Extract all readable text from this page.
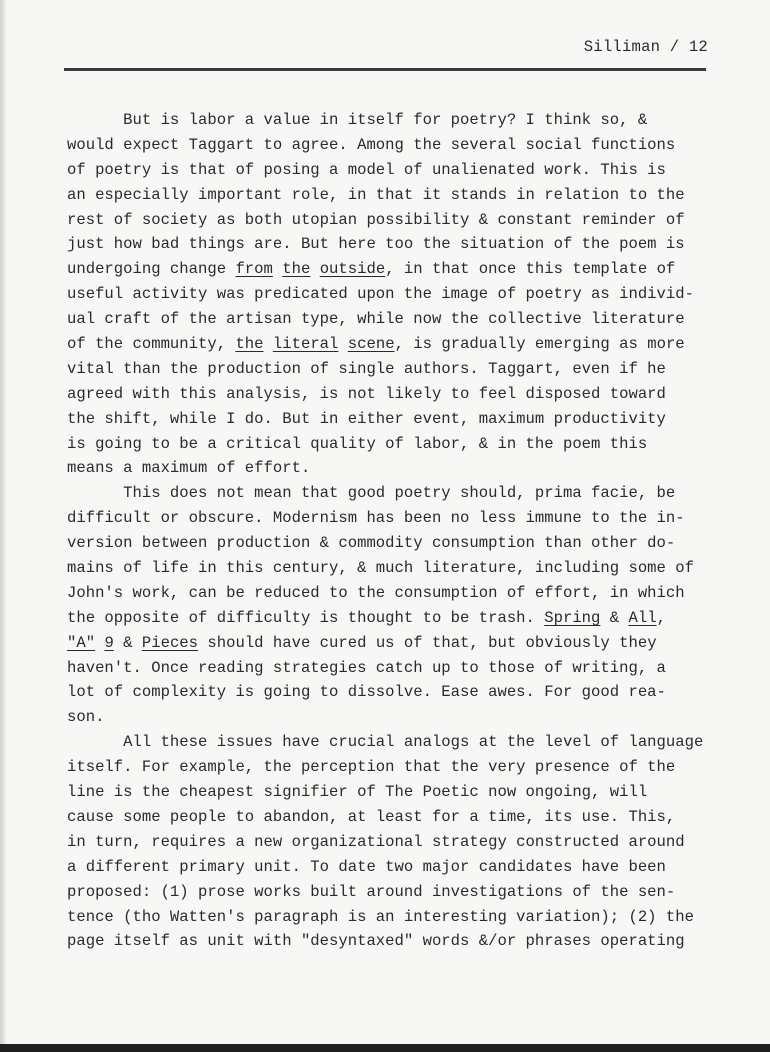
Silliman / 12
But is labor a value in itself for poetry? I think so, &
would expect Taggart to agree. Among the several social functions
of poetry is that of posing a model of unalienated work. This is
an especially important role, in that it stands in relation to the
rest of society as both utopian possibility & constant reminder of
just how bad things are. But here too the situation of the poem is
undergoing change from the outside, in that once this template of
useful activity was predicated upon the image of poetry as individ-
ual craft of the artisan type, while now the collective literature
of the community, the literal scene, is gradually emerging as more
vital than the production of single authors. Taggart, even if he
agreed with this analysis, is not likely to feel disposed toward
the shift, while I do. But in either event, maximum productivity
is going to be a critical quality of labor, & in the poem this
means a maximum of effort.
This does not mean that good poetry should, prima facie, be
difficult or obscure. Modernism has been no less immune to the in-
version between production & commodity consumption than other do-
mains of life in this century, & much literature, including some of
John's work, can be reduced to the consumption of effort, in which
the opposite of difficulty is thought to be trash. Spring & All,
"A" 9 & Pieces should have cured us of that, but obviously they
haven't. Once reading strategies catch up to those of writing, a
lot of complexity is going to dissolve. Ease awes. For good rea-
son.
All these issues have crucial analogs at the level of language
itself. For example, the perception that the very presence of the
line is the cheapest signifier of The Poetic now ongoing, will
cause some people to abandon, at least for a time, its use. This,
in turn, requires a new organizational strategy constructed around
a different primary unit. To date two major candidates have been
proposed: (1) prose works built around investigations of the sen-
tence (tho Watten's paragraph is an interesting variation); (2) the
page itself as unit with "desyntaxed" words &/or phrases operating
